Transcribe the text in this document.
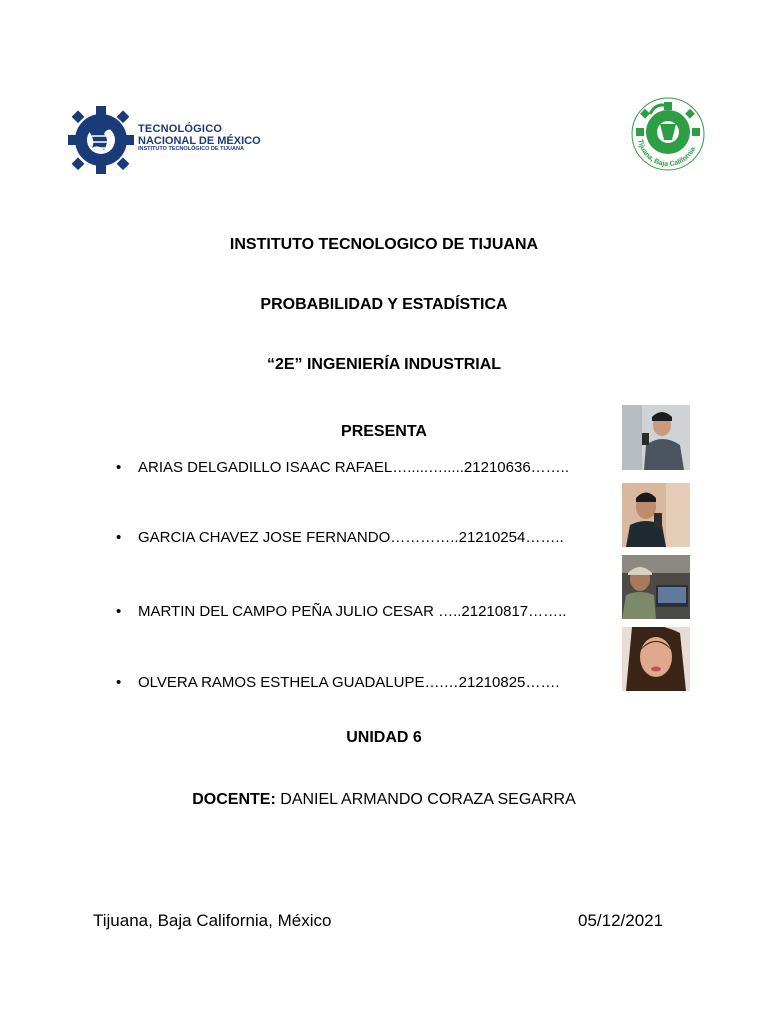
TECNOLÓGICO
NACIONAL DE MÉXICO
INSTITUTO TECNOLÓGICO DE TIJUANA
Tijuana, Baja California
INSTITUTO TECNOLOGICO DE TIJUANA
PROBABILIDAD Y ESTADÍSTICA
“2E” INGENIERÍA INDUSTRIAL
PRESENTA
• ARIAS DELGADILLO ISAAC RAFAEL….....….....21210636……..
• GARCIA CHAVEZ JOSE FERNANDO…………..21210254……..
• MARTIN DEL CAMPO PEÑA JULIO CESAR …..21210817……..
• OLVERA RAMOS ESTHELA GUADALUPE….…21210825…….
UNIDAD 6
DOCENTE: DANIEL ARMANDO CORAZA SEGARRA
Tijuana, Baja California, México	05/12/2021
